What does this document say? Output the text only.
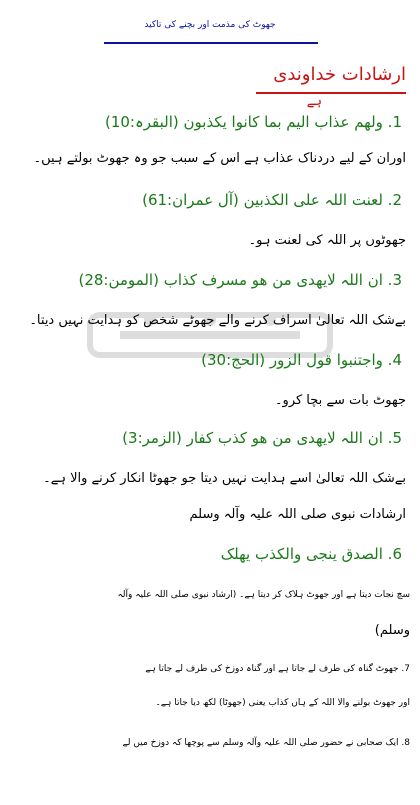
جھوٹ کی مذمت اور بچنے کی تاکید
ارشادات خداوندی
ہے
1. ولھم عذاب الیم بما کانوا یکذبون (البقرہ:10)
اوران کے لیے دردناک عذاب ہے اس کے سبب جو وہ جھوٹ بولتے ہیں۔
2. لعنت اللہ علی الکذبین (آل عمران:61)
جھوٹوں پر اللہ کی لعنت ہو۔
3. ان اللہ لایھدی من ھو مسرف کذاب (المومن:28)
بےشک اللہ تعالیٰ اسراف کرنے والے جھوٹے شخص کو ہدایت نہیں دیتا۔
4. واجتنبوا قول الزور (الحج:30)
جھوٹ بات سے بچا کرو۔
5. ان اللہ لایھدی من ھو کذب کفار (الزمر:3)
بےشک اللہ تعالیٰ اسے ہدایت نہیں دیتا جو جھوٹا انکار کرنے والا ہے۔
ارشادات نبوی صلی اللہ علیہ وآلہ وسلم
6. الصدق ینجی والکذب یھلک
سچ نجات دیتا ہے اور جھوٹ ہلاک کر دیتا ہے۔ (ارشاد نبوی صلی اللہ علیہ وآلہ
وسلم)
7. جھوٹ گناہ کی طرف لے جاتا ہے اور گناہ دوزخ کی طرف لے جاتا ہے
اور جھوٹ بولنے والا اللہ کے ہاں کذاب یعنی (جھوٹا) لکھ دیا جاتا ہے۔
8. ایک صحابی نے حضور صلی اللہ علیہ وآلہ وسلم سے پوچھا کہ دوزخ میں لے
